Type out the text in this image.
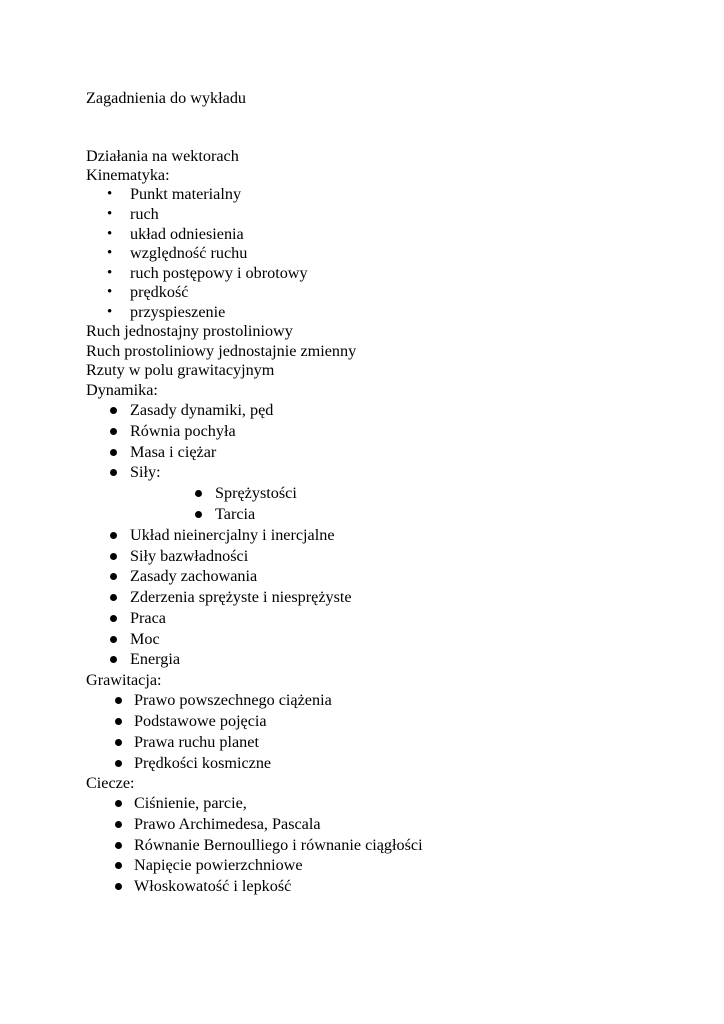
Zagadnienia do wykładu
Działania na wektorach
Kinematyka:
• Punkt materialny
• ruch
• układ odniesienia
• względność ruchu
• ruch postępowy i obrotowy
• prędkość
• przyspieszenie
Ruch jednostajny prostoliniowy
Ruch prostoliniowy jednostajnie zmienny
Rzuty w polu grawitacyjnym
Dynamika:
Zasady dynamiki, pęd
Równia pochyła
Masa i ciężar
Siły:
Sprężystości
Tarcia
Układ nieinercjalny i inercjalne
Siły bazwładności
Zasady zachowania
Zderzenia sprężyste i niesprężyste
Praca
Moc
Energia
Grawitacja:
Prawo powszechnego ciążenia
Podstawowe pojęcia
Prawa ruchu planet
Prędkości kosmiczne
Ciecze:
Ciśnienie, parcie,
Prawo Archimedesa, Pascala
Równanie Bernoulliego i równanie ciągłości
Napięcie powierzchniowe
Włoskowatość i lepkość
